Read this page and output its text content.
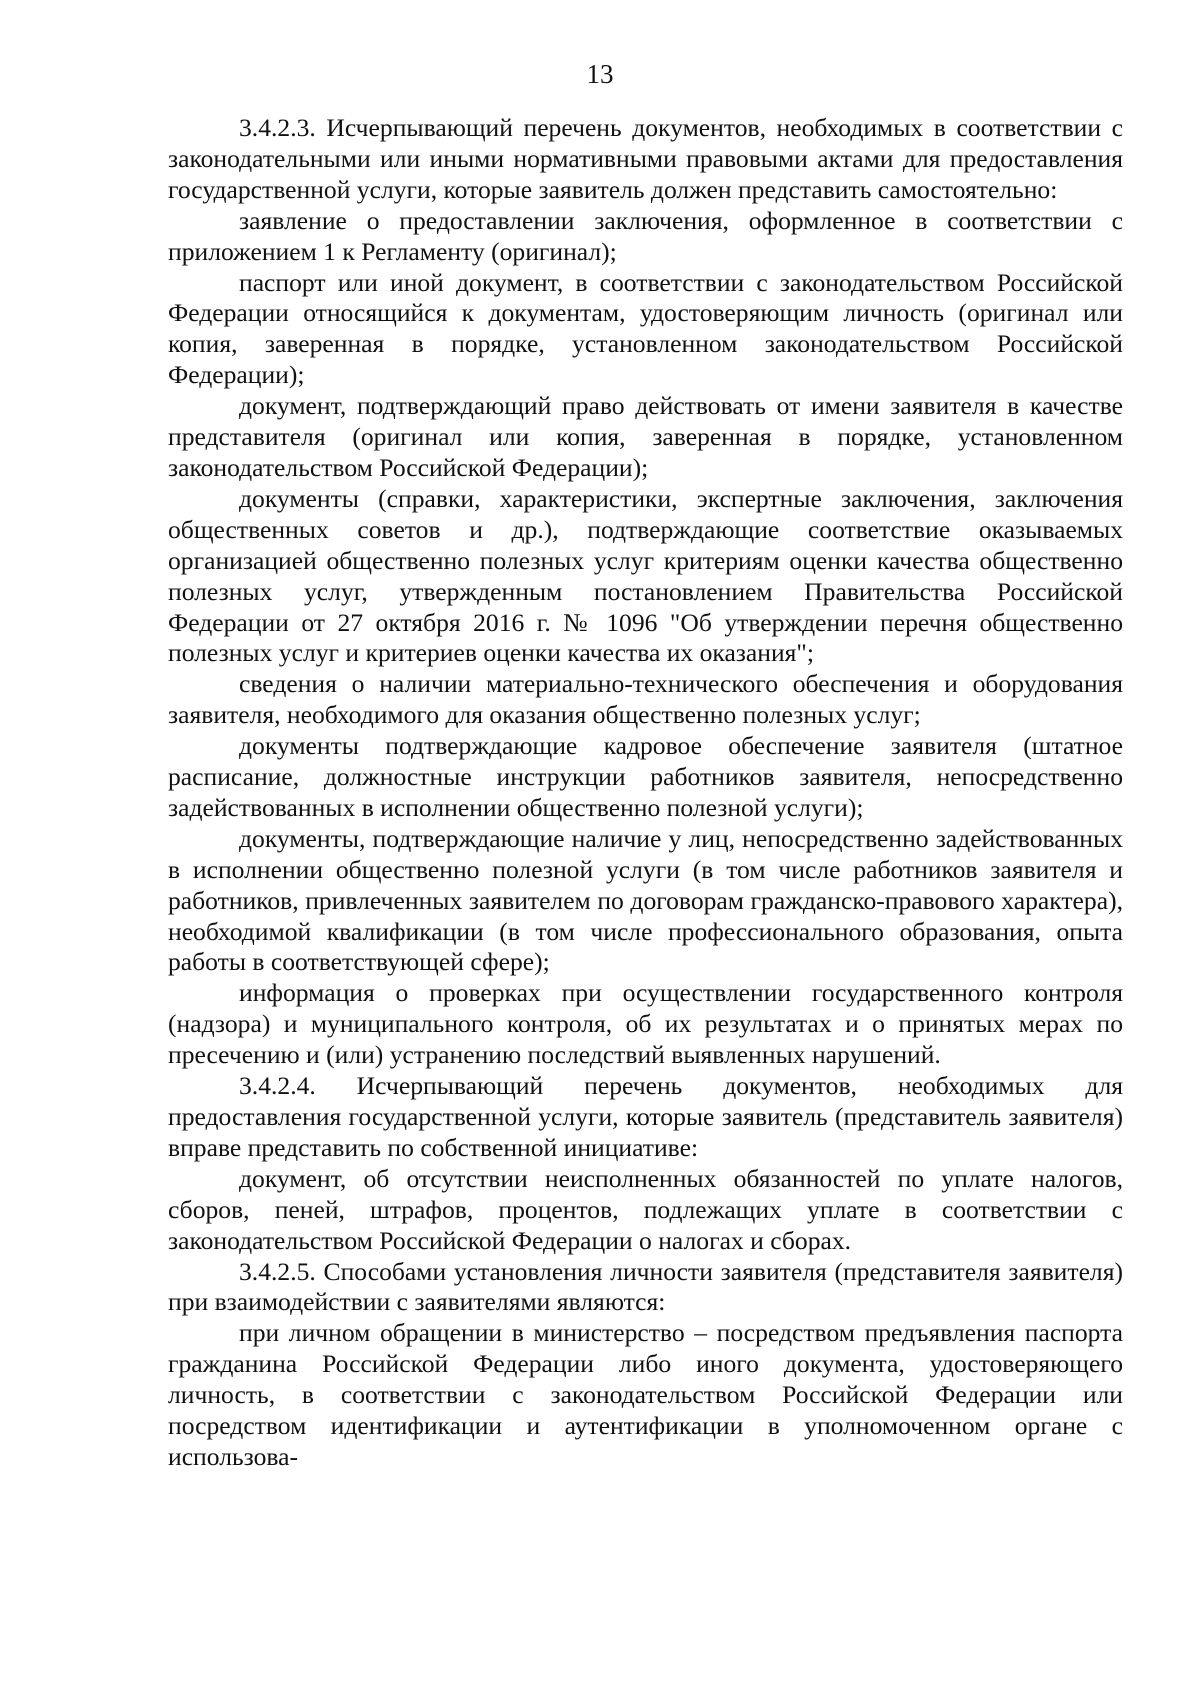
13

3.4.2.3. Исчерпывающий перечень документов, необходимых в соответствии с законодательными или иными нормативными правовыми актами для предоставления государственной услуги, которые заявитель должен представить самостоятельно:

заявление о предоставлении заключения, оформленное в соответствии с приложением 1 к Регламенту (оригинал);

паспорт или иной документ, в соответствии с законодательством Российской Федерации относящийся к документам, удостоверяющим личность (оригинал или копия, заверенная в порядке, установленном законодательством Российской Федерации);

документ, подтверждающий право действовать от имени заявителя в качестве представителя (оригинал или копия, заверенная в порядке, установленном законодательством Российской Федерации);

документы (справки, характеристики, экспертные заключения, заключения общественных советов и др.), подтверждающие соответствие оказываемых организацией общественно полезных услуг критериям оценки качества общественно полезных услуг, утвержденным постановлением Правительства Российской Федерации от 27 октября 2016 г. № 1096 "Об утверждении перечня общественно полезных услуг и критериев оценки качества их оказания";

сведения о наличии материально-технического обеспечения и оборудования заявителя, необходимого для оказания общественно полезных услуг;

документы подтверждающие кадровое обеспечение заявителя (штатное расписание, должностные инструкции работников заявителя, непосредственно задействованных в исполнении общественно полезной услуги);

документы, подтверждающие наличие у лиц, непосредственно задействованных в исполнении общественно полезной услуги (в том числе работников заявителя и работников, привлеченных заявителем по договорам гражданско-правового характера), необходимой квалификации (в том числе профессионального образования, опыта работы в соответствующей сфере);

информация о проверках при осуществлении государственного контроля (надзора) и муниципального контроля, об их результатах и о принятых мерах по пресечению и (или) устранению последствий выявленных нарушений.

3.4.2.4. Исчерпывающий перечень документов, необходимых для предоставления государственной услуги, которые заявитель (представитель заявителя) вправе представить по собственной инициативе:

документ, об отсутствии неисполненных обязанностей по уплате налогов, сборов, пеней, штрафов, процентов, подлежащих уплате в соответствии с законодательством Российской Федерации о налогах и сборах.

3.4.2.5. Способами установления личности заявителя (представителя заявителя) при взаимодействии с заявителями являются:

при личном обращении в министерство – посредством предъявления паспорта гражданина Российской Федерации либо иного документа, удостоверяющего личность, в соответствии с законодательством Российской Федерации или посредством идентификации и аутентификации в уполномоченном органе с использова-
